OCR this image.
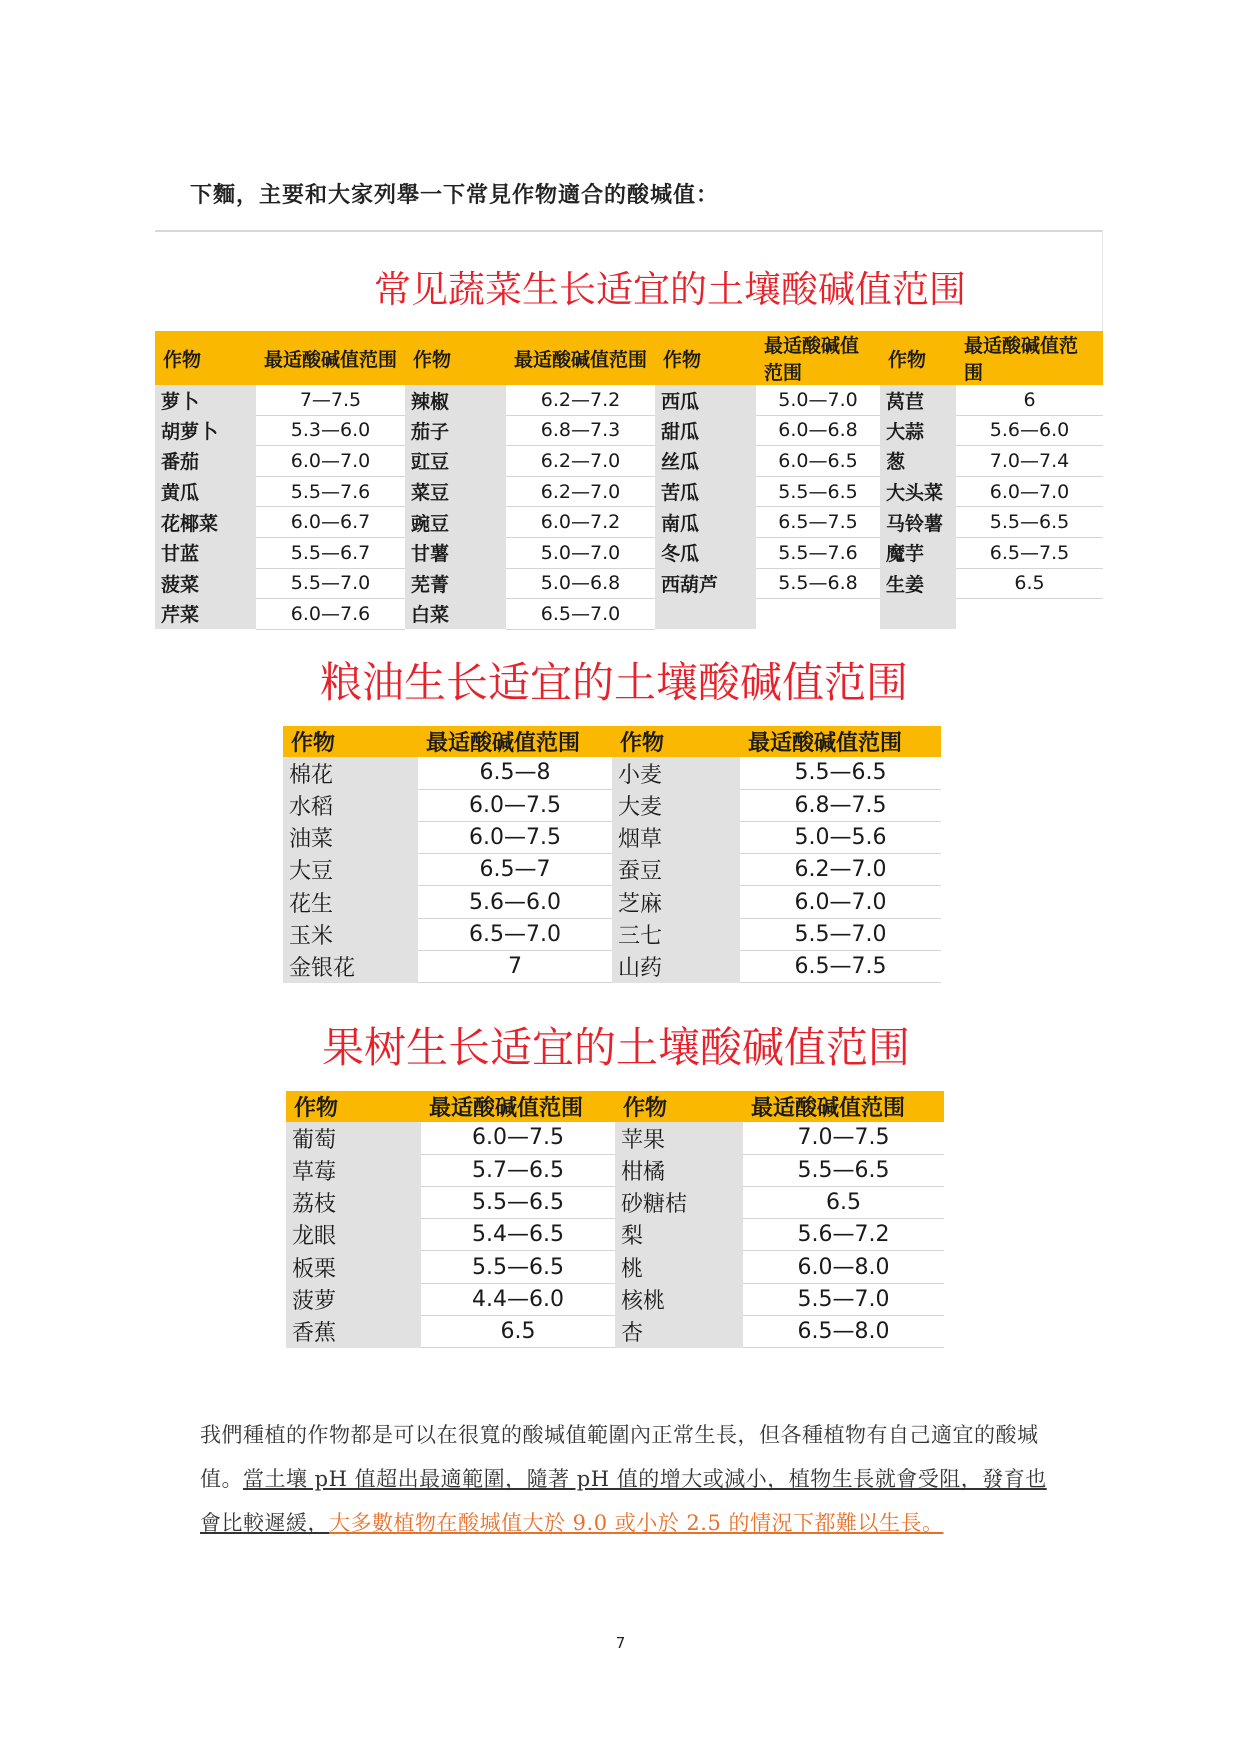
下麵，主要和大家列舉一下常見作物適合的酸堿值：
常见蔬菜生长适宜的土壤酸碱值范围
作物	最适酸碱值范围	作物	最适酸碱值范围	作物	最适酸碱值范围	作物	最适酸碱值范围
萝卜	7—7.5	辣椒	6.2—7.2	西瓜	5.0—7.0	莴苣	6
胡萝卜	5.3—6.0	茄子	6.8—7.3	甜瓜	6.0—6.8	大蒜	5.6—6.0
番茄	6.0—7.0	豇豆	6.2—7.0	丝瓜	6.0—6.5	葱	7.0—7.4
黄瓜	5.5—7.6	菜豆	6.2—7.0	苦瓜	5.5—6.5	大头菜	6.0—7.0
花椰菜	6.0—6.7	豌豆	6.0—7.2	南瓜	6.5—7.5	马铃薯	5.5—6.5
甘蓝	5.5—6.7	甘薯	5.0—7.0	冬瓜	5.5—7.6	魔芋	6.5—7.5
菠菜	5.5—7.0	芜菁	5.0—6.8	西葫芦	5.5—6.8	生姜	6.5
芹菜	6.0—7.6	白菜	6.5—7.0				
粮油生长适宜的土壤酸碱值范围
作物	最适酸碱值范围	作物	最适酸碱值范围
棉花	6.5—8	小麦	5.5—6.5
水稻	6.0—7.5	大麦	6.8—7.5
油菜	6.0—7.5	烟草	5.0—5.6
大豆	6.5—7	蚕豆	6.2—7.0
花生	5.6—6.0	芝麻	6.0—7.0
玉米	6.5—7.0	三七	5.5—7.0
金银花	7	山药	6.5—7.5
果树生长适宜的土壤酸碱值范围
作物	最适酸碱值范围	作物	最适酸碱值范围
葡萄	6.0—7.5	苹果	7.0—7.5
草莓	5.7—6.5	柑橘	5.5—6.5
荔枝	5.5—6.5	砂糖桔	6.5
龙眼	5.4—6.5	梨	5.6—7.2
板栗	5.5—6.5	桃	6.0—8.0
菠萝	4.4—6.0	核桃	5.5—7.0
香蕉	6.5	杏	6.5—8.0
我們種植的作物都是可以在很寬的酸堿值範圍內正常生長，但各種植物有自己適宜的酸堿值。當土壤 pH 值超出最適範圍，隨著 pH 值的增大或減小，植物生長就會受阻，發育也會比較遲緩，大多數植物在酸堿值大於 9.0 或小於 2.5 的情況下都難以生長。
7
